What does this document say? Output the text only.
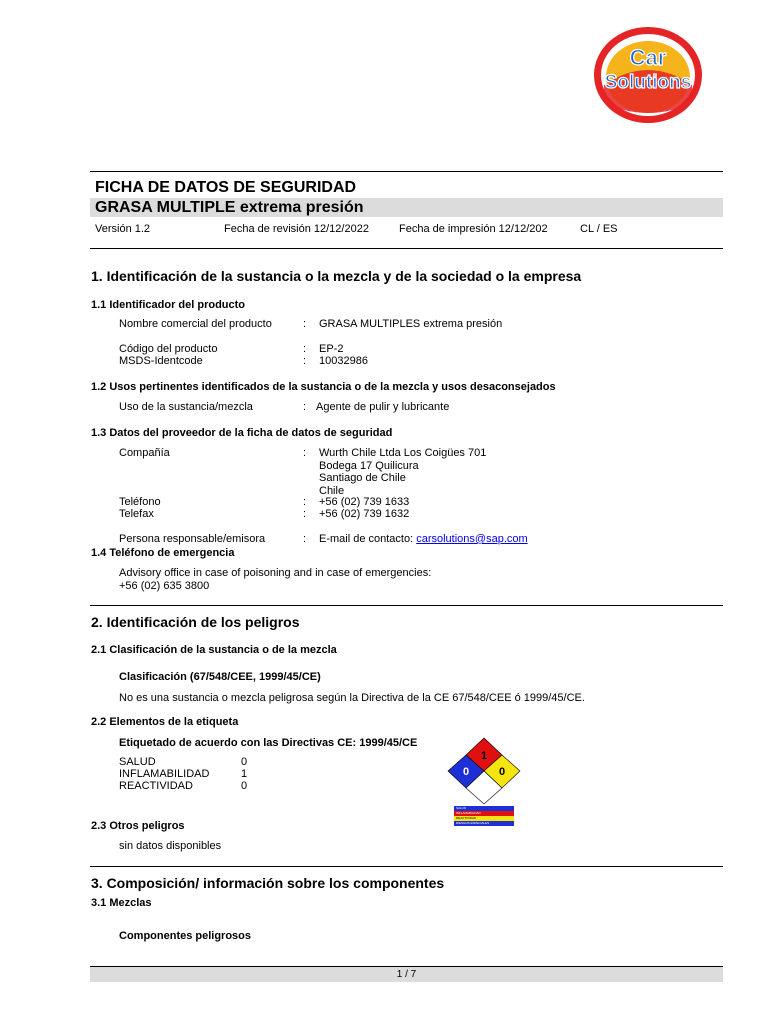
Car
Solutions
FICHA DE DATOS DE SEGURIDAD
GRASA MULTIPLE extrema presión
Versión 1.2	Fecha de revisión 12/12/2022	Fecha de impresión 12/12/202	CL / ES
1. Identificación de la sustancia o la mezcla y de la sociedad o la empresa
1.1 Identificador del producto
Nombre comercial del producto	: GRASA MULTIPLES extrema presión
Código del producto	: EP-2
MSDS-Identcode	: 10032986
1.2 Usos pertinentes identificados de la sustancia o de la mezcla y usos desaconsejados
Uso de la sustancia/mezcla	: Agente de pulir y lubricante
1.3 Datos del proveedor de la ficha de datos de seguridad
Compañía	: Wurth Chile Ltda Los Coigües 701
Bodega 17 Quilicura
Santiago de Chile
Chile
Teléfono	: +56 (02) 739 1633
Telefax	: +56 (02) 739 1632
Persona responsable/emisora	: E-mail de contacto: carsolutions@sap.com
1.4 Teléfono de emergencia
Advisory office in case of poisoning and in case of emergencies:
+56 (02) 635 3800
2. Identificación de los peligros
2.1 Clasificación de la sustancia o de la mezcla
Clasificación (67/548/CEE, 1999/45/CE)
No es una sustancia o mezcla peligrosa según la Directiva de la CE 67/548/CEE ó 1999/45/CE.
2.2 Elementos de la etiqueta
Etiquetado de acuerdo con las Directivas CE: 1999/45/CE
SALUD	0
INFLAMABILIDAD	1
REACTIVIDAD	0
1
0	0
SALUD
INFLAMABILIDAD
REACTIVIDAD
RIESGOS ESPECIALES
2.3 Otros peligros
sin datos disponibles
3. Composición/ información sobre los componentes
3.1 Mezclas
Componentes peligrosos
1 / 7
